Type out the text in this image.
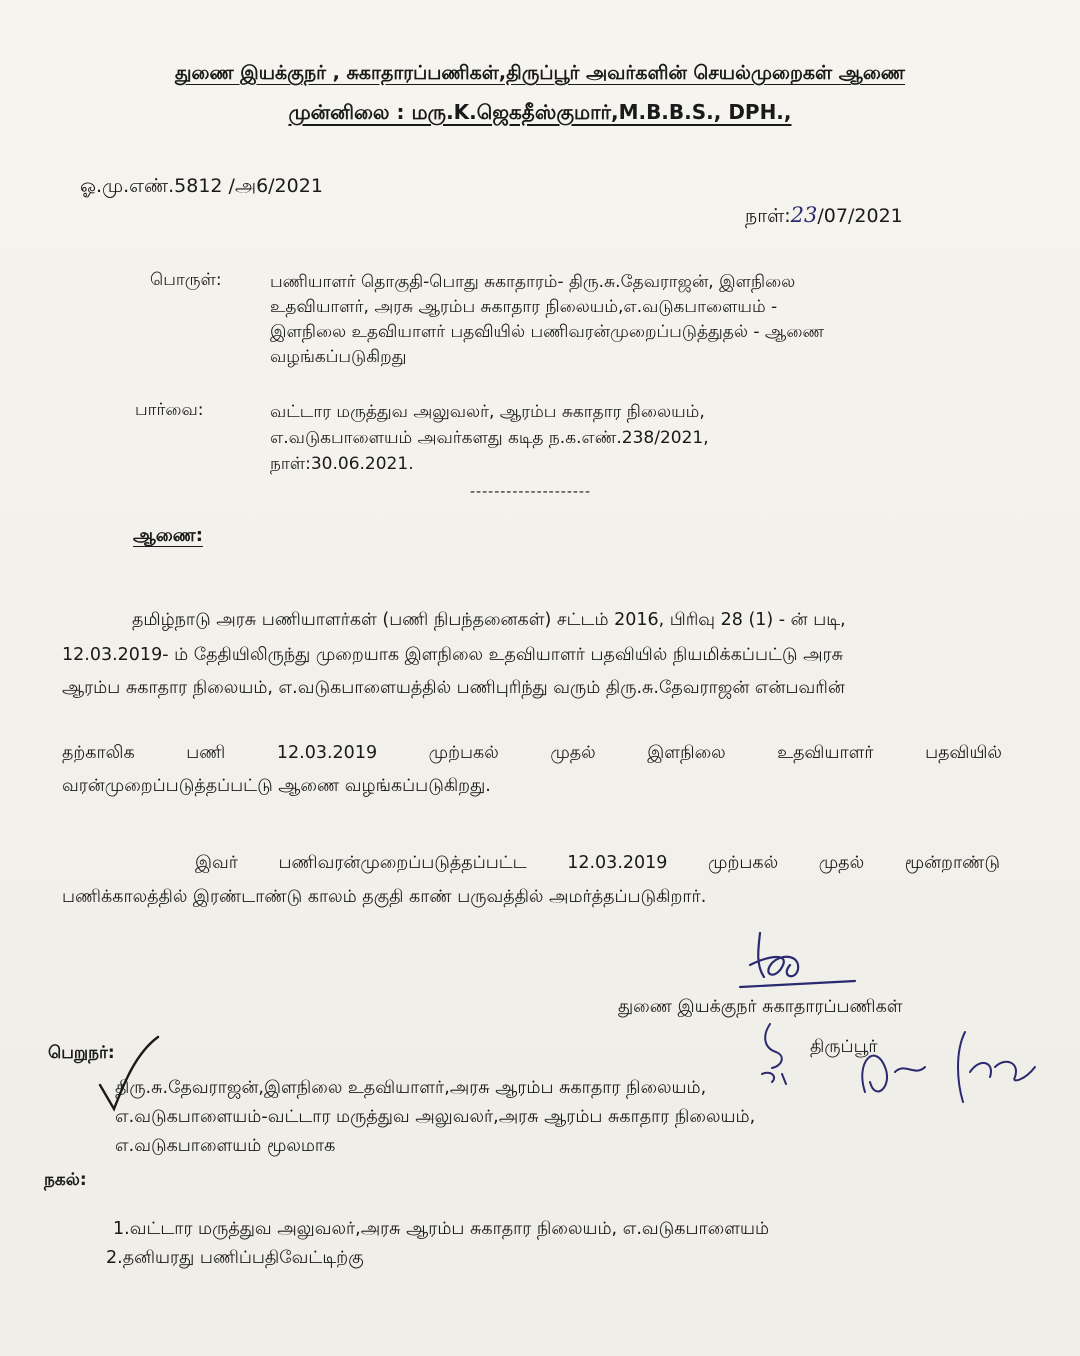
துணை இயக்குநர் , சுகாதாரப்பணிகள்,திருப்பூர் அவர்களின் செயல்முறைகள் ஆணை
முன்னிலை : மரு.K.ஜெகதீஸ்குமார்,M.B.B.S., DPH.,
ஓ.மு.எண்.5812 /அ6/2021
நாள்:23/07/2021
பொருள்:	பணியாளர் தொகுதி-பொது சுகாதாரம்- திரு.சு.தேவராஜன், இளநிலை
உதவியாளர், அரசு ஆரம்ப சுகாதார நிலையம்,எ.வடுகபாளையம் -
இளநிலை உதவியாளர் பதவியில் பணிவரன்முறைப்படுத்துதல் - ஆணை
வழங்கப்படுகிறது
பார்வை:	வட்டார மருத்துவ அலுவலர், ஆரம்ப சுகாதார நிலையம்,
எ.வடுகபாளையம் அவர்களது கடித ந.க.எண்.238/2021,
நாள்:30.06.2021.
--------------------
ஆணை:
தமிழ்நாடு அரசு பணியாளர்கள் (பணி நிபந்தனைகள்) சட்டம் 2016, பிரிவு 28 (1) - ன் படி,
12.03.2019- ம் தேதியிலிருந்து முறையாக இளநிலை உதவியாளர் பதவியில் நியமிக்கப்பட்டு அரசு
ஆரம்ப சுகாதார நிலையம், எ.வடுகபாளையத்தில் பணிபுரிந்து வரும் திரு.சு.தேவராஜன் என்பவரின்
தற்காலிக	பணி	12.03.2019	முற்பகல்	முதல்	இளநிலை	உதவியாளர்	பதவியில்
வரன்முறைப்படுத்தப்பட்டு ஆணை வழங்கப்படுகிறது.
இவர் பணிவரன்முறைப்படுத்தப்பட்ட 12.03.2019 முற்பகல் முதல் மூன்றாண்டு
பணிக்காலத்தில் இரண்டாண்டு காலம் தகுதி காண் பருவத்தில் அமர்த்தப்படுகிறார்.
துணை இயக்குநர் சுகாதாரப்பணிகள்
திருப்பூர்
பெறுநர்:
திரு.சு.தேவராஜன்,இளநிலை உதவியாளர்,அரசு ஆரம்ப சுகாதார நிலையம்,
எ.வடுகபாளையம்-வட்டார மருத்துவ அலுவலர்,அரசு ஆரம்ப சுகாதார நிலையம்,
எ.வடுகபாளையம் மூலமாக
நகல்:
1.வட்டார மருத்துவ அலுவலர்,அரசு ஆரம்ப சுகாதார நிலையம், எ.வடுகபாளையம்
2.தனியரது பணிப்பதிவேட்டிற்கு
